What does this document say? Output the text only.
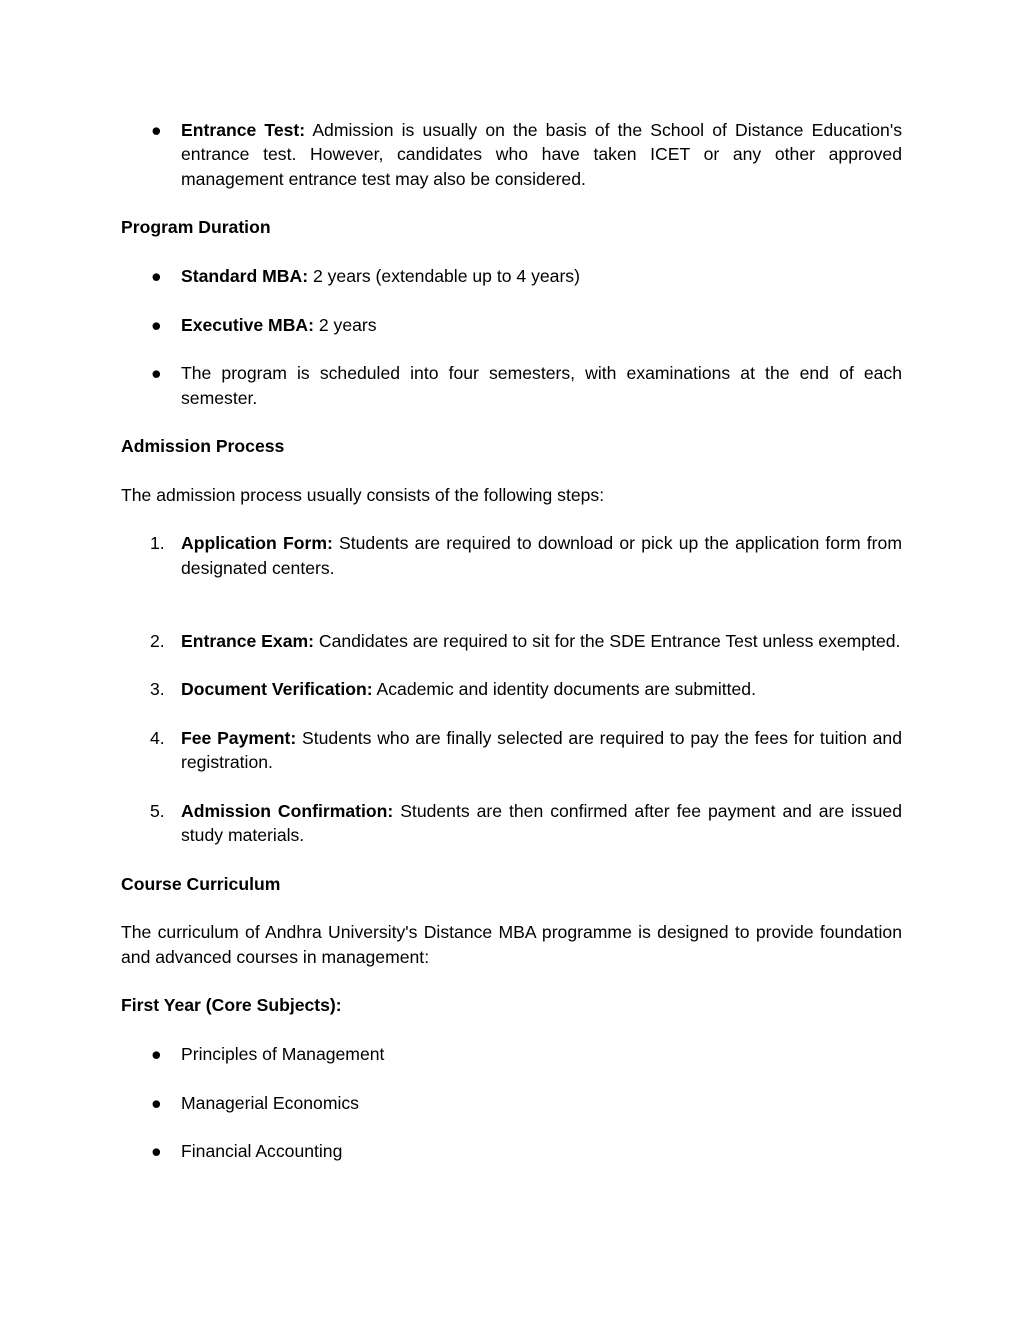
● Entrance Test: Admission is usually on the basis of the School of Distance Education's entrance test. However, candidates who have taken ICET or any other approved management entrance test may also be considered.
Program Duration
● Standard MBA: 2 years (extendable up to 4 years)
● Executive MBA: 2 years
● The program is scheduled into four semesters, with examinations at the end of each semester.
Admission Process
The admission process usually consists of the following steps:
1. Application Form: Students are required to download or pick up the application form from designated centers.
2. Entrance Exam: Candidates are required to sit for the SDE Entrance Test unless exempted.
3. Document Verification: Academic and identity documents are submitted.
4. Fee Payment: Students who are finally selected are required to pay the fees for tuition and registration.
5. Admission Confirmation: Students are then confirmed after fee payment and are issued study materials.
Course Curriculum
The curriculum of Andhra University's Distance MBA programme is designed to provide foundation and advanced courses in management:
First Year (Core Subjects):
● Principles of Management
● Managerial Economics
● Financial Accounting
